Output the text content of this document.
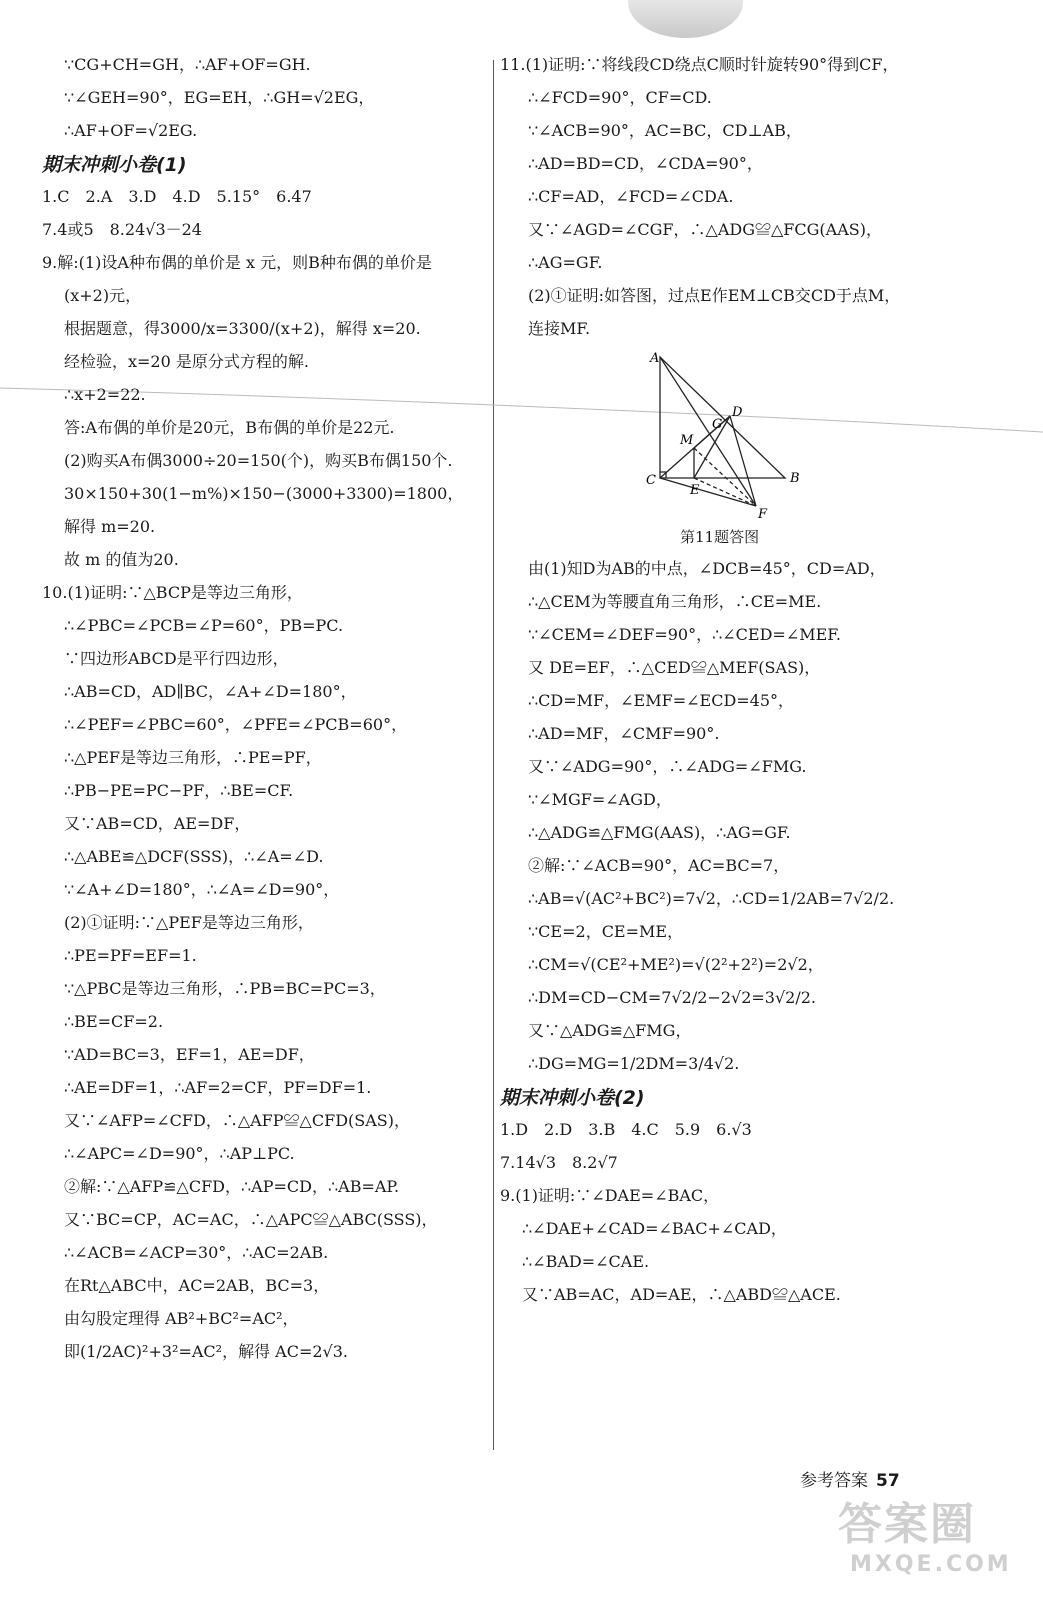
∵CG+CH=GH，∴AF+OF=GH.
∵∠GEH=90°，EG=EH，∴GH=√2EG，
∴AF+OF=√2EG.
期末冲刺小卷(1)
1.C　2.A　3.D　4.D　5.15°　6.47
7.4或5　8.24√3－24
9.解:(1)设A种布偶的单价是 x 元，则B种布偶的单价是
(x+2)元，
根据题意，得3000/x=3300/(x+2)，解得 x=20.
经检验，x=20 是原分式方程的解.
∴x+2=22.
答:A布偶的单价是20元，B布偶的单价是22元.
(2)购买A布偶3000÷20=150(个)，购买B布偶150个.
30×150+30(1−m%)×150−(3000+3300)=1800，
解得 m=20.
故 m 的值为20.
10.(1)证明:∵△BCP是等边三角形，
∴∠PBC=∠PCB=∠P=60°，PB=PC.
∵四边形ABCD是平行四边形，
∴AB=CD，AD∥BC，∠A+∠D=180°，
∴∠PEF=∠PBC=60°，∠PFE=∠PCB=60°，
∴△PEF是等边三角形，∴PE=PF，
∴PB−PE=PC−PF，∴BE=CF.
又∵AB=CD，AE=DF，
∴△ABE≌△DCF(SSS)，∴∠A=∠D.
∵∠A+∠D=180°，∴∠A=∠D=90°，
(2)①证明:∵△PEF是等边三角形，
∴PE=PF=EF=1.
∵△PBC是等边三角形，∴PB=BC=PC=3，
∴BE=CF=2.
∵AD=BC=3，EF=1，AE=DF，
∴AE=DF=1，∴AF=2=CF，PF=DF=1.
又∵∠AFP=∠CFD，∴△AFP≌△CFD(SAS)，
∴∠APC=∠D=90°，∴AP⊥PC.
②解:∵△AFP≌△CFD，∴AP=CD，∴AB=AP.
又∵BC=CP，AC=AC，∴△APC≌△ABC(SSS)，
∴∠ACB=∠ACP=30°，∴AC=2AB.
在Rt△ABC中，AC=2AB，BC=3，
由勾股定理得 AB²+BC²=AC²，
即(1/2AC)²+3²=AC²，解得 AC=2√3.
11.(1)证明:∵将线段CD绕点C顺时针旋转90°得到CF，
∴∠FCD=90°，CF=CD.
∵∠ACB=90°，AC=BC，CD⊥AB，
∴AD=BD=CD，∠CDA=90°，
∴CF=AD，∠FCD=∠CDA.
又∵∠AGD=∠CGF，∴△ADG≌△FCG(AAS)，
∴AG=GF.
(2)①证明:如答图，过点E作EM⊥CB交CD于点M，
连接MF.
A
B
C
D
E
F
G
M
第11题答图
由(1)知D为AB的中点，∠DCB=45°，CD=AD，
∴△CEM为等腰直角三角形，∴CE=ME.
∵∠CEM=∠DEF=90°，∴∠CED=∠MEF.
又 DE=EF，∴△CED≌△MEF(SAS)，
∴CD=MF，∠EMF=∠ECD=45°，
∴AD=MF，∠CMF=90°.
又∵∠ADG=90°，∴∠ADG=∠FMG.
∵∠MGF=∠AGD，
∴△ADG≌△FMG(AAS)，∴AG=GF.
②解:∵∠ACB=90°，AC=BC=7，
∴AB=√(AC²+BC²)=7√2，∴CD=1/2AB=7√2/2.
∵CE=2，CE=ME，
∴CM=√(CE²+ME²)=√(2²+2²)=2√2，
∴DM=CD−CM=7√2/2−2√2=3√2/2.
又∵△ADG≌△FMG，
∴DG=MG=1/2DM=3/4√2.
期末冲刺小卷(2)
1.D　2.D　3.B　4.C　5.9　6.√3
7.14√3　8.2√7
9.(1)证明:∵∠DAE=∠BAC，
∴∠DAE+∠CAD=∠BAC+∠CAD，
∴∠BAD=∠CAE.
又∵AB=AC，AD=AE，∴△ABD≌△ACE.
参考答案 57
答案圈
MXQE.COM
